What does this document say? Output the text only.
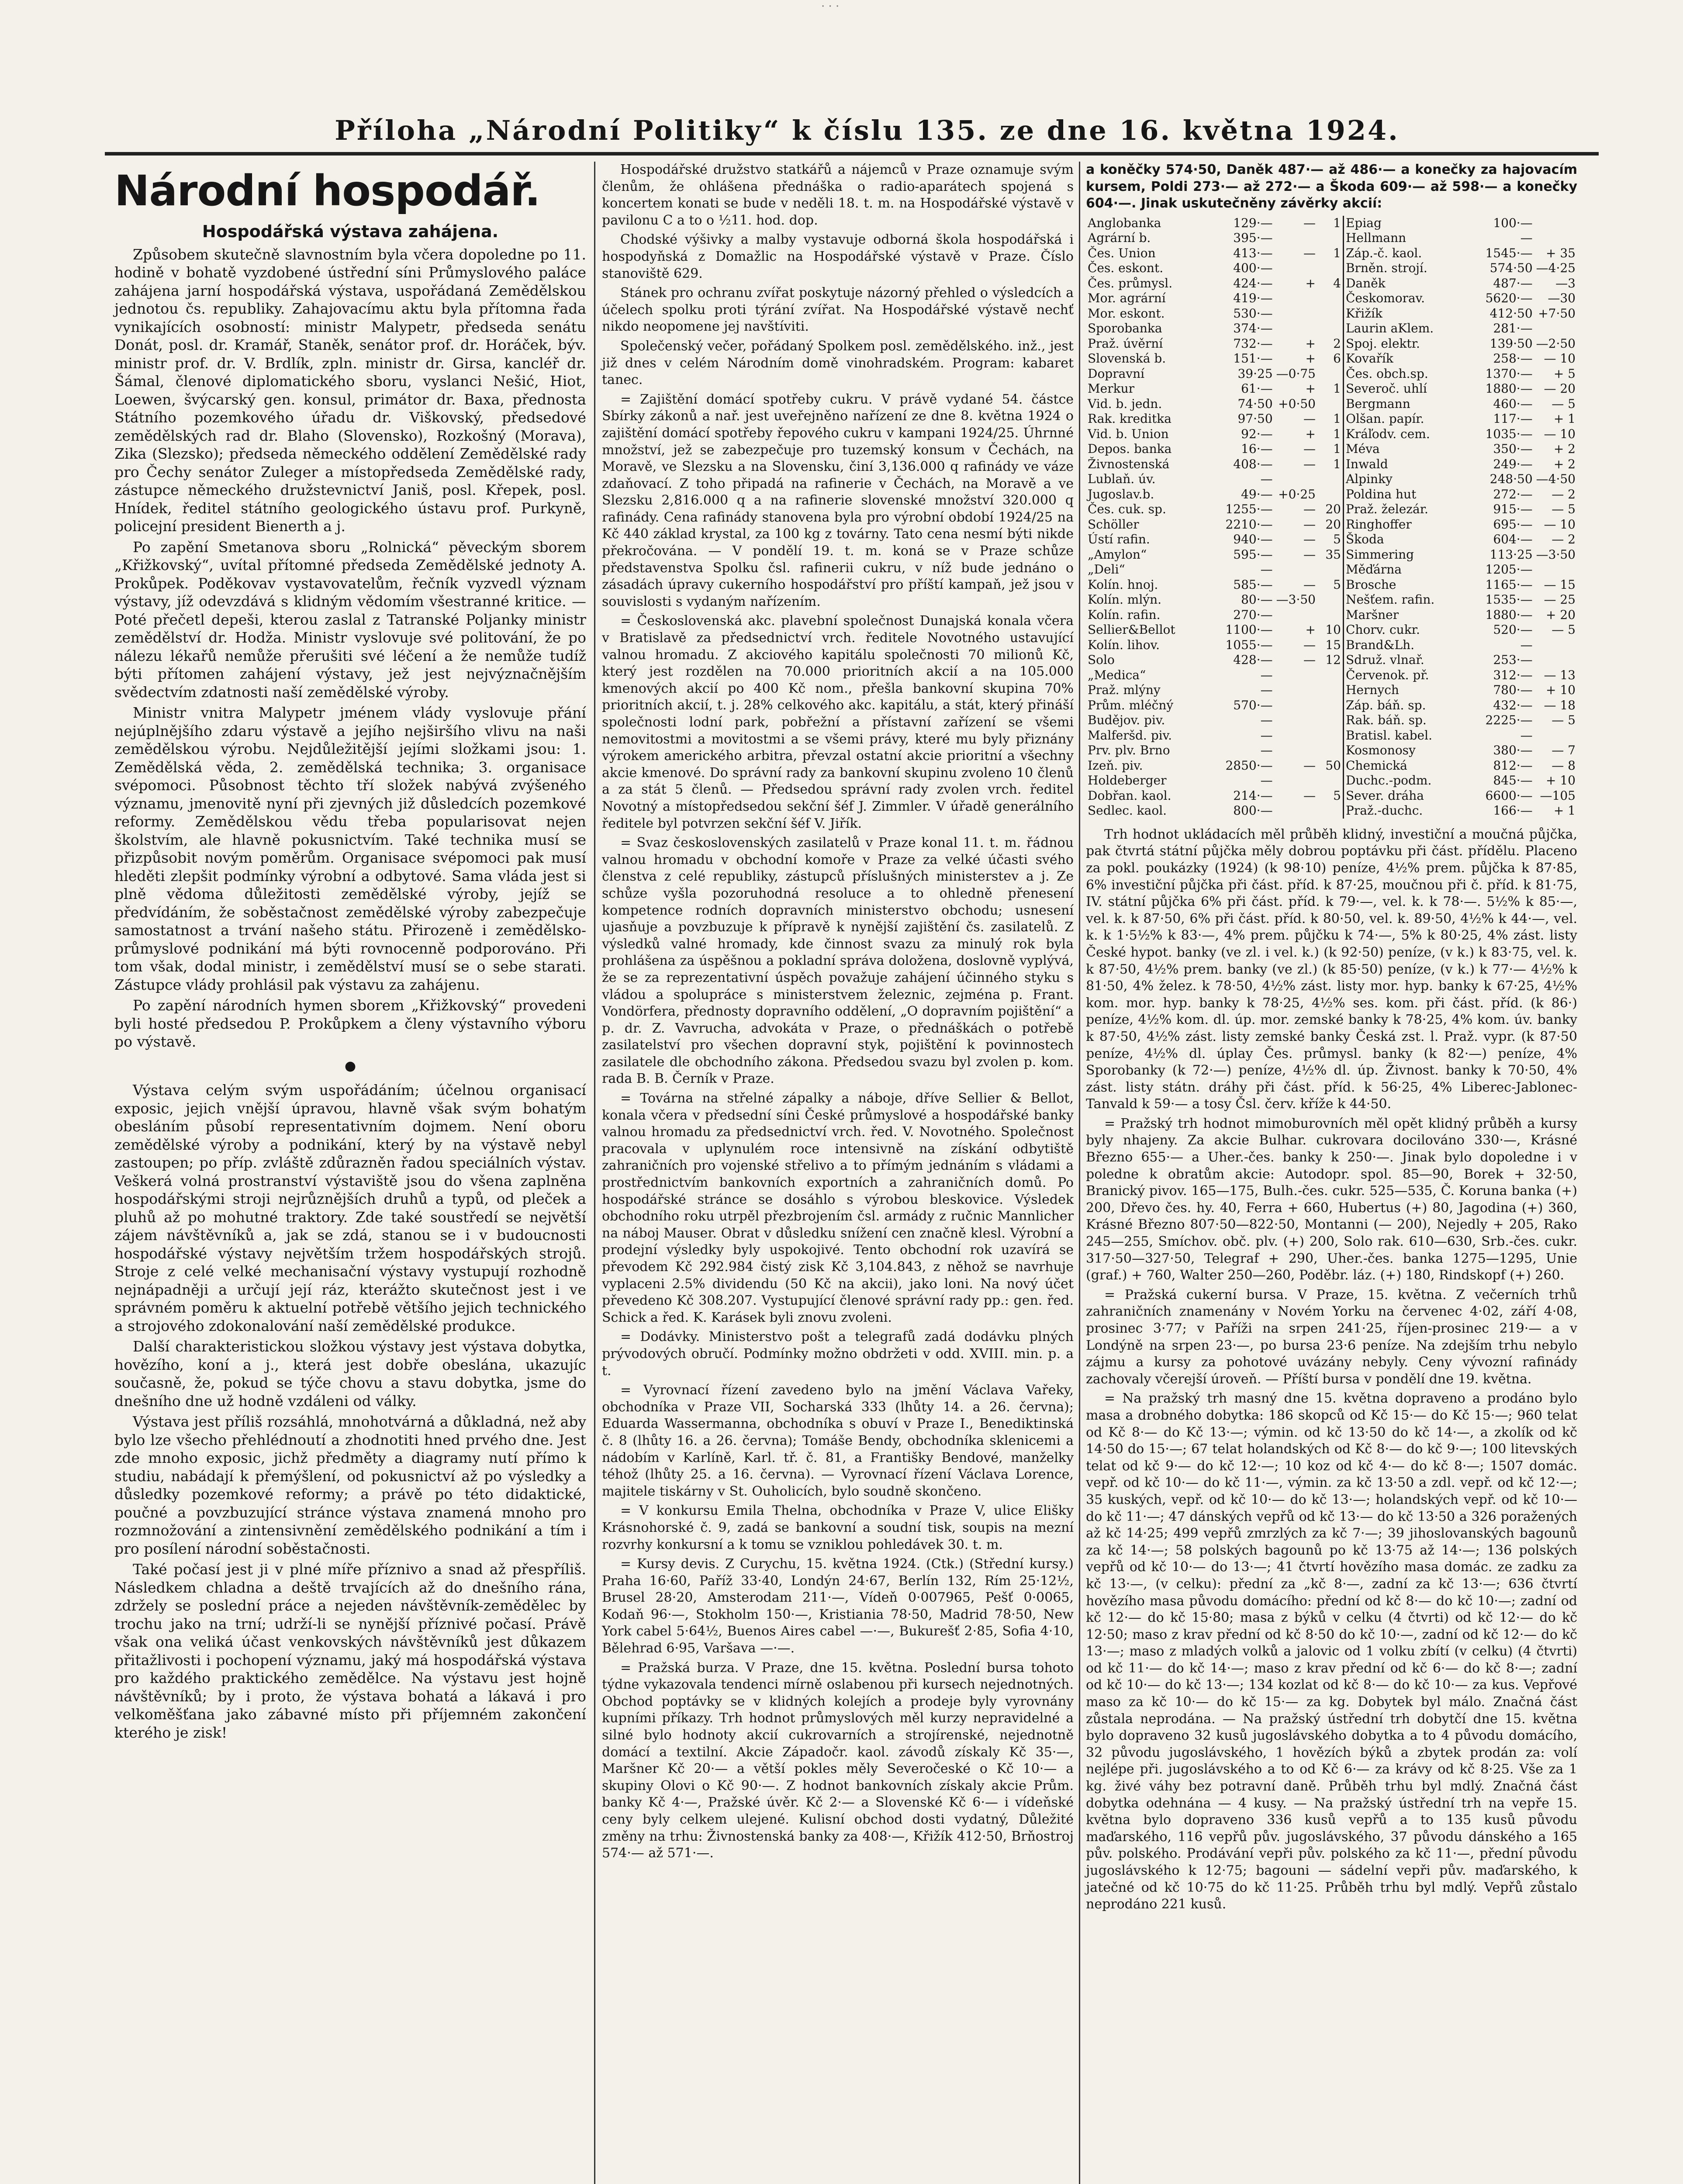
· · ·
Příloha „Národní Politiky“ k číslu 135. ze dne 16. května 1924.
Národní hospodář.
Hospodářská výstava zahájena.

Způsobem skutečně slavnostním byla včera dopoledne po 11. hodině v bohatě vyzdobené ústřední síni Průmyslového paláce zahájena jarní hospodářská výstava, uspořádaná Zemědělskou jednotou čs. republiky. Zahajovacímu aktu byla přítomna řada vynikajících osobností: ministr Malypetr, předseda senátu Donát, posl. dr. Kramář, Staněk, senátor prof. dr. Horáček, býv. ministr prof. dr. V. Brdlík, zpln. ministr dr. Girsa, kancléř dr. Šámal, členové diplomatického sboru, vyslanci Nešić, Hiot, Loewen, švýcarský gen. konsul, primátor dr. Baxa, přednosta Státního pozemkového úřadu dr. Viškovský, předsedové zemědělských rad dr. Blaho (Slovensko), Rozkošný (Morava), Zika (Slezsko); předseda německého oddělení Zemědělské rady pro Čechy senátor Zuleger a místopředseda Zemědělské rady, zástupce německého družstevnictví Janiš, posl. Křepek, posl. Hnídek, ředitel státního geologického ústavu prof. Purkyně, policejní president Bienerth a j.

Po zapění Smetanova sboru „Rolnická“ pěveckým sborem „Křižkovský“, uvítal přítomné předseda Zemědělské jednoty A. Prokůpek. Poděkovav vystavovatelům, řečník vyzvedl význam výstavy, jíž odevzdává s klidným vědomím všestranné kritice. — Poté přečetl depeši, kterou zaslal z Tatranské Poljanky ministr zemědělství dr. Hodža. Ministr vyslovuje své politování, že po nálezu lékařů nemůže přerušiti své léčení a že nemůže tudíž býti přítomen zahájení výstavy, jež jest nejvýznačnějším svědectvím zdatnosti naší zemědělské výroby.

Ministr vnitra Malypetr jménem vlády vyslovuje přání nejúplnějšího zdaru výstavě a jejího nejširšího vlivu na naši zemědělskou výrobu. Nejdůležitější jejími složkami jsou: 1. Zemědělská věda, 2. zemědělská technika; 3. organisace svépomoci. Působnost těchto tří složek nabývá zvýšeného významu, jmenovitě nyní při zjevných již důsledcích pozemkové reformy. Zemědělskou vědu třeba popularisovat nejen školstvím, ale hlavně pokusnictvím. Také technika musí se přizpůsobit novým poměrům. Organisace svépomoci pak musí hleděti zlepšit podmínky výrobní a odbytové. Sama vláda jest si plně vědoma důležitosti zemědělské výroby, jejíž se předvídáním, že soběstačnost zemědělské výroby zabezpečuje samostatnost a trvání našeho státu. Přirozeně i zemědělsko-průmyslové podnikání má býti rovnocenně podporováno. Při tom však, dodal ministr, i zemědělství musí se o sebe starati. Zástupce vlády prohlásil pak výstavu za zahájenu.

Po zapění národních hymen sborem „Křižkovský“ provedeni byli hosté předsedou P. Prokůpkem a členy výstavního výboru po výstavě.

●

Výstava celým svým uspořádáním; účelnou organisací exposic, jejich vnější úpravou, hlavně však svým bohatým obesláním působí representativním dojmem. Není oboru zemědělské výroby a podnikání, který by na výstavě nebyl zastoupen; po příp. zvláště zdůrazněn řadou speciálních výstav. Veškerá volná prostranství výstaviště jsou do všena zaplněna hospodářskými stroji nejrůznějších druhů a typů, od pleček a pluhů až po mohutné traktory. Zde také soustředí se největší zájem návštěvníků a, jak se zdá, stanou se i v budoucnosti hospodářské výstavy největším tržem hospodářských strojů. Stroje z celé velké mechanisační výstavy vystupují rozhodně nejnápadněji a určují její ráz, kterážto skutečnost jest i ve správném poměru k aktuelní potřebě většího jejich technického a strojového zdokonalování naší zemědělské produkce.

Další charakteristickou složkou výstavy jest výstava dobytka, hovězího, koní a j., která jest dobře obeslána, ukazujíc současně, že, pokud se týče chovu a stavu dobytka, jsme do dnešního dne už hodně vzdáleni od války.

Výstava jest příliš rozsáhlá, mnohotvárná a důkladná, než aby bylo lze všecho přehlédnoutí a zhodnotiti hned prvého dne. Jest zde mnoho exposic, jichž předměty a diagramy nutí přímo k studiu, nabádají k přemýšlení, od pokusnictví až po výsledky a důsledky pozemkové reformy; a právě po této didaktické, poučné a povzbuzující stránce výstava znamená mnoho pro rozmnožování a zintensivnění zemědělského podnikání a tím i pro posílení národní soběstačnosti.

Také počasí jest ji v plné míře příznivo a snad až přespříliš. Následkem chladna a deště trvajících až do dnešního rána, zdržely se poslední práce a nejeden návštěvník-zemědělec by trochu jako na trní; udrží-li se nynější příznivé počasí. Právě však ona veliká účast venkovských návštěvníků jest důkazem přitažlivosti i pochopení významu, jaký má hospodářská výstava pro každého praktického zemědělce. Na výstavu jest hojně návštěvníků; by i proto, že výstava bohatá a lákavá i pro velkoměšťana jako zábavné místo při příjemném zakončení kterého je zisk!

Hospodářské družstvo statkářů a nájemců v Praze oznamuje svým členům, že ohlášena přednáška o radio-aparátech spojená s koncertem konati se bude v neděli 18. t. m. na Hospodářské výstavě v pavilonu C a to o ½11. hod. dop.

Chodské výšivky a malby vystavuje odborná škola hospodářská i hospodyňská z Domažlic na Hospodářské výstavě v Praze. Číslo stanoviště 629.

Stánek pro ochranu zvířat poskytuje názorný přehled o výsledcích a účelech spolku proti týrání zvířat. Na Hospodářské výstavě nechť nikdo neopomene jej navštíviti.

Společenský večer, pořádaný Spolkem posl. zemědělského. inž., jest již dnes v celém Národním domě vinohradském. Program: kabaret tanec.

= Zajištění domácí spotřeby cukru. V právě vydané 54. částce Sbírky zákonů a nař. jest uveřejněno nařízení ze dne 8. května 1924 o zajištění domácí spotřeby řepového cukru v kampani 1924/25. Úhrnné množství, jež se zabezpečuje pro tuzemský konsum v Čechách, na Moravě, ve Slezsku a na Slovensku, činí 3,136.000 q rafinády ve váze zdaňovací. Z toho připadá na rafinerie v Čechách, na Moravě a ve Slezsku 2,816.000 q a na rafinerie slovenské množství 320.000 q rafinády. Cena rafinády stanovena byla pro výrobní období 1924/25 na Kč 440 základ krystal, za 100 kg z továrny. Tato cena nesmí býti nikde překročována. — V pondělí 19. t. m. koná se v Praze schůze představenstva Spolku čsl. rafinerii cukru, v níž bude jednáno o zásadách úpravy cukerního hospodářství pro příští kampaň, jež jsou v souvislosti s vydaným nařízením.

= Československá akc. plavební společnost Dunajská konala včera v Bratislavě za předsednictví vrch. ředitele Novotného ustavující valnou hromadu. Z akciového kapitálu společnosti 70 milionů Kč, který jest rozdělen na 70.000 prioritních akcií a na 105.000 kmenových akcií po 400 Kč nom., přešla bankovní skupina 70% prioritních akcií, t. j. 28% celkového akc. kapitálu, a stát, který přináší společnosti lodní park, pobřežní a přístavní zařízení se všemi nemovitostmi a movitostmi a se všemi právy, které mu byly přiznány výrokem amerického arbitra, převzal ostatní akcie prioritní a všechny akcie kmenové. Do správní rady za bankovní skupinu zvoleno 10 členů a za stát 5 členů. — Předsedou správní rady zvolen vrch. ředitel Novotný a místopředsedou sekční šéf J. Zimmler. V úřadě generálního ředitele byl potvrzen sekční šéf V. Jiřík.

= Svaz československých zasilatelů v Praze konal 11. t. m. řádnou valnou hromadu v obchodní komoře v Praze za velké účasti svého členstva z celé republiky, zástupců příslušných ministerstev a j. Ze schůze vyšla pozoruhodná resoluce a to ohledně přenesení kompetence rodních dopravních ministerstvo obchodu; usnesení ujasňuje a povzbuzuje k přípravě k nynější zajištění čs. zasilatelů. Z výsledků valné hromady, kde činnost svazu za minulý rok byla prohlášena za úspěšnou a pokladní správa doložena, doslovně vyplývá, že se za reprezentativní úspěch považuje zahájení účinného styku s vládou a spolupráce s ministerstvem železnic, zejména p. Frant. Vondörfera, přednosty dopravního oddělení, „O dopravním pojištění“ a p. dr. Z. Vavrucha, advokáta v Praze, o přednáškách o potřebě zasilatelství pro všechen dopravní styk, pojištění k povinnostech zasilatele dle obchodního zákona. Předsedou svazu byl zvolen p. kom. rada B. B. Černík v Praze.

= Továrna na střelné zápalky a náboje, dříve Sellier & Bellot, konala včera v předsední síni České průmyslové a hospodářské banky valnou hromadu za předsednictví vrch. řed. V. Novotného. Společnost pracovala v uplynulém roce intensivně na získání odbytiště zahraničních pro vojenské střelivo a to přímým jednáním s vládami a prostřednictvím bankovních exportních a zahraničních domů. Po hospodářské stránce se dosáhlo s výrobou bleskovice. Výsledek obchodního roku utrpěl přezbrojením čsl. armády z ručnic Mannlicher na náboj Mauser. Obrat v důsledku snížení cen značně klesl. Výrobní a prodejní výsledky byly uspokojivé. Tento obchodní rok uzavírá se převodem Kč 292.984 čistý zisk Kč 3,104.843, z něhož se navrhuje vyplaceni 2.5% dividendu (50 Kč na akcii), jako loni. Na nový účet převedeno Kč 308.207. Vystupující členové správní rady pp.: gen. řed. Schick a řed. K. Karásek byli znovu zvoleni.

= Dodávky. Ministerstvo pošt a telegrafů zadá dodávku plných prývodových obručí. Podmínky možno obdržeti v odd. XVIII. min. p. a t.

= Vyrovnací řízení zavedeno bylo na jmění Václava Vařeky, obchodníka v Praze VII, Socharská 333 (lhůty 14. a 26. června); Eduarda Wassermanna, obchodníka s obuví v Praze I., Benediktinská č. 8 (lhůty 16. a 26. června); Tomáše Bendy, obchodníka sklenicemi a nádobím v Karlíně, Karl. tř. č. 81, a Františky Bendové, manželky téhož (lhůty 25. a 16. června). — Vyrovnací řízení Václava Lorence, majitele tiskárny v St. Ouholicích, bylo soudně skončeno.

= V konkursu Emila Thelna, obchodníka v Praze V, ulice Elišky Krásnohorské č. 9, zadá se bankovní a soudní tisk, soupis na mezní rozvrhy konkursní a k tomu se vzniklou pohledávek 30. t. m.

= Kursy devis. Z Curychu, 15. května 1924. (Ctk.) (Střední kursy.) Praha 16·60, Paříž 33·40, Londýn 24·67, Berlín 132, Rím 25·12½, Brusel 28·20, Amsterodam 211·—, Vídeň 0·007965, Pešť 0·0065, Kodaň 96·—, Stokholm 150·—, Kristiania 78·50, Madrid 78·50, New York cabel 5·64½, Buenos Aires cabel —·—, Bukurešť 2·85, Sofia 4·10, Bělehrad 6·95, Varšava —·—.

= Pražská burza. V Praze, dne 15. května. Poslední bursa tohoto týdne vykazovala tendenci mírně oslabenou při kursech nejednotných. Obchod poptávky se v klidných kolejích a prodeje byly vyrovnány kupními příkazy. Trh hodnot průmyslových měl kurzy nepravidelné a silné bylo hodnoty akcií cukrovarních a strojírenské, nejednotně domácí a textilní. Akcie Západočr. kaol. závodů získaly Kč 35·—, Maršner Kč 20·— a větší pokles měly Severočeské o Kč 10·— a skupiny Olovi o Kč 90·—. Z hodnot bankovních získaly akcie Prům. banky Kč 4·—, Pražské úvěr. Kč 2·— a Slovenské Kč 6·— i vídeňské ceny byly celkem ulejené. Kulisní obchod dosti vydatný, Důležité změny na trhu: Živnostenská banky za 408·—, Křižík 412·50, Brňostroj 574·— až 571·—.

a koněčky 574·50, Daněk 487·— až 486·— a konečky za hajovacím kursem, Poldi 273·— až 272·— a Škoda 609·— až 598·— a konečky 604·—. Jinak uskutečněny závěrky akcií:

Anglobanka	129·—	—	1	Epiag	100·—	
Agrární b.	395·—			Hellmann	—	
Čes. Union	413·—	—	1	Záp.-č. kaol.	1545·—	+ 35
Čes. eskont.	400·—			Brněn. strojí.	574·50	—4·25
Čes. průmysl.	424·—	+	4	Daněk	487·—	—3
Mor. agrární	419·—			Českomorav.	5620·—	—30
Mor. eskont.	530·—			Křižík	412·50	+7·50
Sporobanka	374·—			Laurin aKlem.	281·—	
Praž. úvěrní	732·—	+	2	Spoj. elektr.	139·50	—2·50
Slovenská b.	151·—	+	6	Kovařík	258·—	— 10
Dopravní	39·25	—0·75		Čes. obch.sp.	1370·—	+ 5
Merkur	61·—	+	1	Severoč. uhlí	1880·—	— 20
Vid. b. jedn.	74·50	+0·50		Bergmann	460·—	— 5
Rak. kreditka	97·50	—	1	Olšan. papír.	117·—	+ 1
Vid. b. Union	92·—	+	1	Kráľodv. cem.	1035·—	— 10
Depos. banka	16·—	—	1	Méva	350·—	+ 2
Živnostenská	408·—	—	1	Inwald	249·—	+ 2
Lublaň. úv.	—			Alpinky	248·50	—4·50
Jugoslav.b.	49·—	+0·25		Poldina hut	272·—	— 2
Čes. cuk. sp.	1255·—	—	20	Praž. železár.	915·—	— 5
Schöller	2210·—	—	20	Ringhoffer	695·—	— 10
Ústí rafin.	940·—	—	5	Škoda	604·—	— 2
„Amylon“	595·—	—	35	Simmering	113·25	—3·50
„Deli“	—			Měďárna	1205·—	
Kolín. hnoj.	585·—	—	5	Brosche	1165·—	— 15
Kolín. mlýn.	80·—	—3·50		Nešťem. rafin.	1535·—	— 25
Kolín. rafin.	270·—			Maršner	1880·—	+ 20
Sellier&Bellot	1100·—	+	10	Chorv. cukr.	520·—	— 5
Kolín. lihov.	1055·—	—	15	Brand&Lh.	—	
Solo	428·—	—	12	Sdruž. vlnař.	253·—	
„Medica“	—			Červenok. př.	312·—	— 13
Praž. mlýny	—			Hernych	780·—	+ 10
Prům. mléčný	570·—			Záp. báň. sp.	432·—	— 18
Budějov. piv.	—			Rak. báň. sp.	2225·—	— 5
Malferšd. piv.	—			Bratisl. kabel.	—	
Prv. plv. Brno	—			Kosmonosy	380·—	— 7
Izeň. piv.	2850·—	—	50	Chemická	812·—	— 8
Holdeberger	—			Duchc.-podm.	845·—	+ 10
Dobřan. kaol.	214·—	—	5	Sever. dráha	6600·—	—105
Sedlec. kaol.	800·—			Praž.-duchc.	166·—	+ 1

Trh hodnot ukládacích měl průběh klidný, investiční a moučná půjčka, pak čtvrtá státní půjčka měly dobrou poptávku při část. přídělu. Placeno za pokl. poukázky (1924) (k 98·10) peníze, 4½% prem. půjčka k 87·85, 6% investiční půjčka při část. příd. k 87·25, moučnou při č. příd. k 81·75, IV. státní půjčka 6% při část. příd. k 79·—, vel. k. k 78·—. 5½% k 85·—, vel. k. k 87·50, 6% při část. příd. k 80·50, vel. k. 89·50, 4½% k 44·—, vel. k. k 1·5½% k 83·—, 4% prem. půjčku k 74·—, 5% k 80·25, 4% zást. listy České hypot. banky (ve zl. i vel. k.) (k 92·50) peníze, (v k.) k 83·75, vel. k. k 87·50, 4½% prem. banky (ve zl.) (k 85·50) peníze, (v k.) k 77·— 4½% k 81·50, 4% želez. k 78·50, 4½% zást. listy mor. hyp. banky k 67·25, 4½% kom. mor. hyp. banky k 78·25, 4½% ses. kom. při část. příd. (k 86·) peníze, 4½% kom. dl. úp. mor. zemské banky k 78·25, 4% kom. úv. banky k 87·50, 4½% zást. listy zemské banky Česká zst. l. Praž. vypr. (k 87·50 peníze, 4½% dl. úplay Čes. průmysl. banky (k 82·—) peníze, 4% Sporobanky (k 72·—) peníze, 4½% dl. úp. Živnost. banky k 70·50, 4% zást. listy státn. dráhy při část. příd. k 56·25, 4% Liberec-Jablonec-Tanvald k 59·— a tosy Čsl. červ. kříže k 44·50.

= Pražský trh hodnot mimoburovních měl opět klidný průběh a kursy byly nhajeny. Za akcie Bulhar. cukrovara docilováno 330·—, Krásné Březno 655·— a Uher.-čes. banky k 250·—. Jinak bylo dopoledne i v poledne k obratům akcie: Autodopr. spol. 85—90, Borek + 32·50, Branický pivov. 165—175, Bulh.-čes. cukr. 525—535, Č. Koruna banka (+) 200, Dřevo čes. hy. 40, Ferra + 660, Hubertus (+) 80, Jagodina (+) 360, Krásné Březno 807·50—822·50, Montanni (— 200), Nejedly + 205, Rako 245—255, Smíchov. obč. plv. (+) 200, Solo rak. 610—630, Srb.-čes. cukr. 317·50—327·50, Telegraf + 290, Uher.-čes. banka 1275—1295, Unie (graf.) + 760, Walter 250—260, Poděbr. láz. (+) 180, Rindskopf (+) 260.

= Pražská cukerní bursa. V Praze, 15. května. Z večerních trhů zahraničních znamenány v Novém Yorku na červenec 4·02, září 4·08, prosinec 3·77; v Paříži na srpen 241·25, říjen-prosinec 219·— a v Londýně na srpen 23·—, po bursa 23·6 peníze. Na zdejším trhu nebylo zájmu a kursy za pohotové uvázány nebyly. Ceny vývozní rafinády zachovaly včerejší úroveň. — Příští bursa v pondělí dne 19. května.

= Na pražský trh masný dne 15. května dopraveno a prodáno bylo masa a drobného dobytka: 186 skopců od Kč 15·— do Kč 15·—; 960 telat od Kč 8·— do Kč 13·—; výmin. od kč 13·50 do kč 14·—, a zkolík od kč 14·50 do 15·—; 67 telat holandských od Kč 8·— do kč 9·—; 100 litevských telat od kč 9·— do kč 12·—; 10 koz od kč 4·— do kč 8·—; 1507 domác. vepř. od kč 10·— do kč 11·—, výmin. za kč 13·50 a zdl. vepř. od kč 12·—; 35 kuských, vepř. od kč 10·— do kč 13·—; holandských vepř. od kč 10·— do kč 11·—; 47 dánských vepřů od kč 13·— do kč 13·50 a 326 poražených až kč 14·25; 499 vepřů zmrzlých za kč 7·—; 39 jihoslovanských bagounů za kč 14·—; 58 polských bagounů po kč 13·75 až 14·—; 136 polských vepřů od kč 10·— do 13·—; 41 čtvrtí hovězího masa domác. ze zadku za kč 13·—, (v celku): přední za „kč 8·—, zadní za kč 13·—; 636 čtvrtí hovězího masa původu domácího: přední od kč 8·— do kč 10·—; zadní od kč 12·— do kč 15·80; masa z býků v celku (4 čtvrti) od kč 12·— do kč 12·50; maso z krav přední od kč 8·50 do kč 10·—, zadní od kč 12·— do kč 13·—; maso z mladých volků a jalovic od 1 volku zbítí (v celku) (4 čtvrti) od kč 11·— do kč 14·—; maso z krav přední od kč 6·— do kč 8·—; zadní od kč 10·— do kč 13·—; 134 kozlat od kč 8·— do kč 10·— za kus. Vepřové maso za kč 10·— do kč 15·— za kg. Dobytek byl málo. Značná část zůstala neprodána. — Na pražský ústřední trh dobytčí dne 15. května bylo dopraveno 32 kusů jugoslávského dobytka a to 4 původu domácího, 32 původu jugoslávského, 1 hovězích býků a zbytek prodán za: volí nejlépe při. jugoslávského a to od Kč 6·— za krávy od kč 8·25. Vše za 1 kg. živé váhy bez potravní daně. Průběh trhu byl mdlý. Značná část dobytka odehnána — 4 kusy. — Na pražský ústřední trh na vepře 15. května bylo dopraveno 336 kusů vepřů a to 135 kusů původu maďarského, 116 vepřů pův. jugoslávského, 37 původu dánského a 165 pův. polského. Prodávání vepři pův. polského za kč 11·—, přední původu jugoslávského k 12·75; bagouni — sádelní vepři pův. maďarského, k jatečné od kč 10·75 do kč 11·25. Průběh trhu byl mdlý. Vepřů zůstalo neprodáno 221 kusů.
